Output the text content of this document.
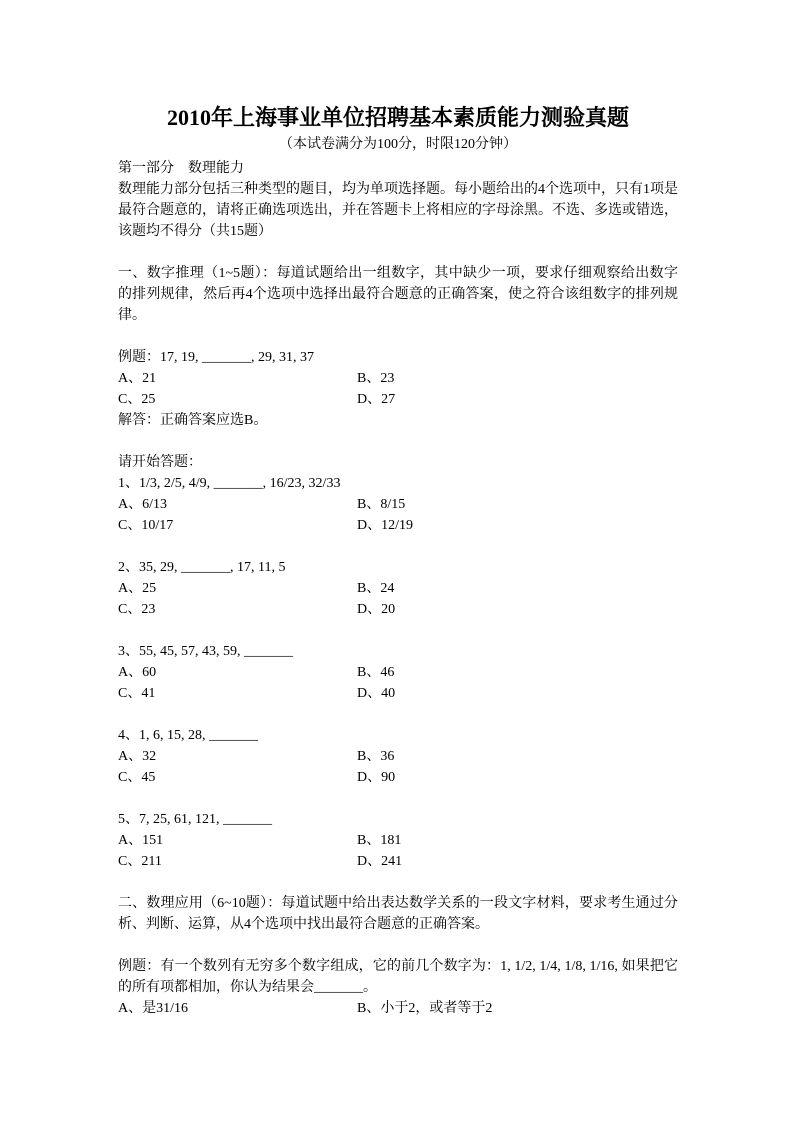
2010年上海事业单位招聘基本素质能力测验真题
（本试卷满分为100分，时限120分钟）
第一部分　数理能力
数理能力部分包括三种类型的题目，均为单项选择题。每小题给出的4个选项中，只有1项是最符合题意的，请将正确选项选出，并在答题卡上将相应的字母涂黑。不选、多选或错选，该题均不得分（共15题）
一、数字推理（1~5题）：每道试题给出一组数字，其中缺少一项，要求仔细观察给出数字的排列规律，然后再4个选项中选择出最符合题意的正确答案，使之符合该组数字的排列规律。
例题：17, 19, _______, 29, 31, 37
A、21	B、23
C、25	D、27
解答：正确答案应选B。
请开始答题：
1、1/3, 2/5, 4/9, _______, 16/23, 32/33
A、6/13	B、8/15
C、10/17	D、12/19
2、35, 29, _______, 17, 11, 5
A、25	B、24
C、23	D、20
3、55, 45, 57, 43, 59, _______
A、60	B、46
C、41	D、40
4、1, 6, 15, 28, _______
A、32	B、36
C、45	D、90
5、7, 25, 61, 121, _______
A、151	B、181
C、211	D、241
二、数理应用（6~10题）：每道试题中给出表达数学关系的一段文字材料，要求考生通过分析、判断、运算，从4个选项中找出最符合题意的正确答案。
例题：有一个数列有无穷多个数字组成，它的前几个数字为：1, 1/2, 1/4, 1/8, 1/16, 如果把它的所有项都相加，你认为结果会_______。
A、是31/16	B、小于2，或者等于2
